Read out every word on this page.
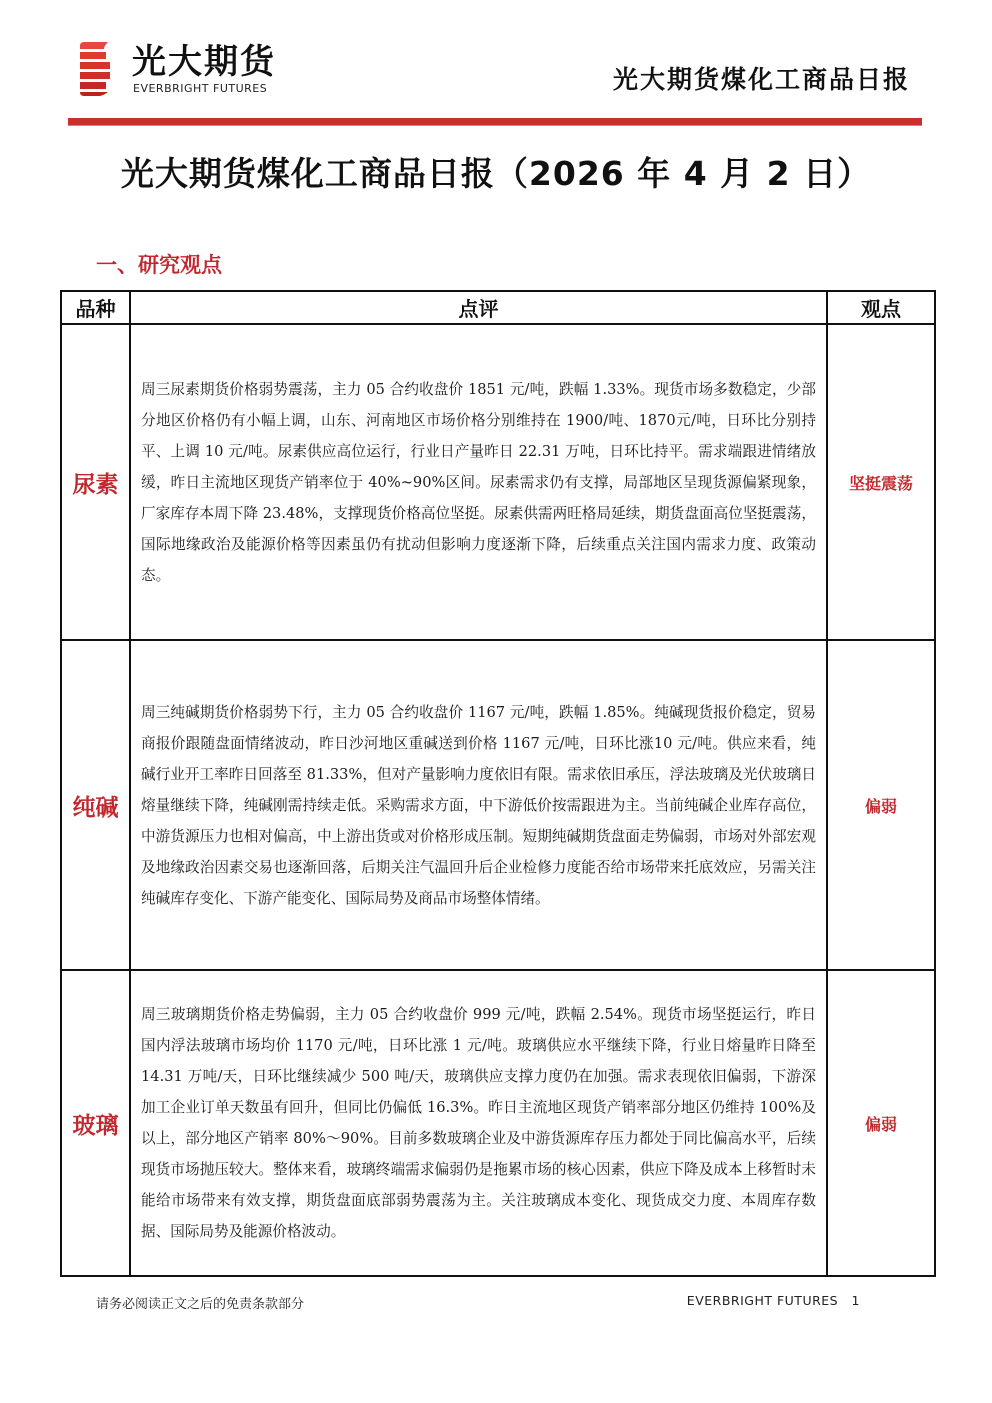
光大期货
EVERBRIGHT FUTURES	光大期货煤化工商品日报
光大期货煤化工商品日报（2026 年 4 月 2 日）
一、研究观点
品种	点评	观点
尿素	周三尿素期货价格弱势震荡，主力 05 合约收盘价 1851 元/吨，跌幅 1.33%。现货市场多数稳定，少部分地区价格仍有小幅上调，山东、河南地区市场价格分别维持在 1900/吨、1870元/吨，日环比分别持平、上调 10 元/吨。尿素供应高位运行，行业日产量昨日 22.31 万吨，日环比持平。需求端跟进情绪放缓，昨日主流地区现货产销率位于 40%~90%区间。尿素需求仍有支撑，局部地区呈现货源偏紧现象，厂家库存本周下降 23.48%，支撑现货价格高位坚挺。尿素供需两旺格局延续，期货盘面高位坚挺震荡，国际地缘政治及能源价格等因素虽仍有扰动但影响力度逐渐下降，后续重点关注国内需求力度、政策动态。	坚挺震荡
纯碱	周三纯碱期货价格弱势下行，主力 05 合约收盘价 1167 元/吨，跌幅 1.85%。纯碱现货报价稳定，贸易商报价跟随盘面情绪波动，昨日沙河地区重碱送到价格 1167 元/吨，日环比涨10 元/吨。供应来看，纯碱行业开工率昨日回落至 81.33%，但对产量影响力度依旧有限。需求依旧承压，浮法玻璃及光伏玻璃日熔量继续下降，纯碱刚需持续走低。采购需求方面，中下游低价按需跟进为主。当前纯碱企业库存高位，中游货源压力也相对偏高，中上游出货或对价格形成压制。短期纯碱期货盘面走势偏弱，市场对外部宏观及地缘政治因素交易也逐渐回落，后期关注气温回升后企业检修力度能否给市场带来托底效应，另需关注纯碱库存变化、下游产能变化、国际局势及商品市场整体情绪。	偏弱
玻璃	周三玻璃期货价格走势偏弱，主力 05 合约收盘价 999 元/吨，跌幅 2.54%。现货市场坚挺运行，昨日国内浮法玻璃市场均价 1170 元/吨，日环比涨 1 元/吨。玻璃供应水平继续下降，行业日熔量昨日降至 14.31 万吨/天，日环比继续减少 500 吨/天，玻璃供应支撑力度仍在加强。需求表现依旧偏弱，下游深加工企业订单天数虽有回升，但同比仍偏低 16.3%。昨日主流地区现货产销率部分地区仍维持 100%及以上，部分地区产销率 80%～90%。目前多数玻璃企业及中游货源库存压力都处于同比偏高水平，后续现货市场抛压较大。整体来看，玻璃终端需求偏弱仍是拖累市场的核心因素，供应下降及成本上移暂时未能给市场带来有效支撑，期货盘面底部弱势震荡为主。关注玻璃成本变化、现货成交力度、本周库存数据、国际局势及能源价格波动。	偏弱
请务必阅读正文之后的免责条款部分	EVERBRIGHT FUTURES 1
